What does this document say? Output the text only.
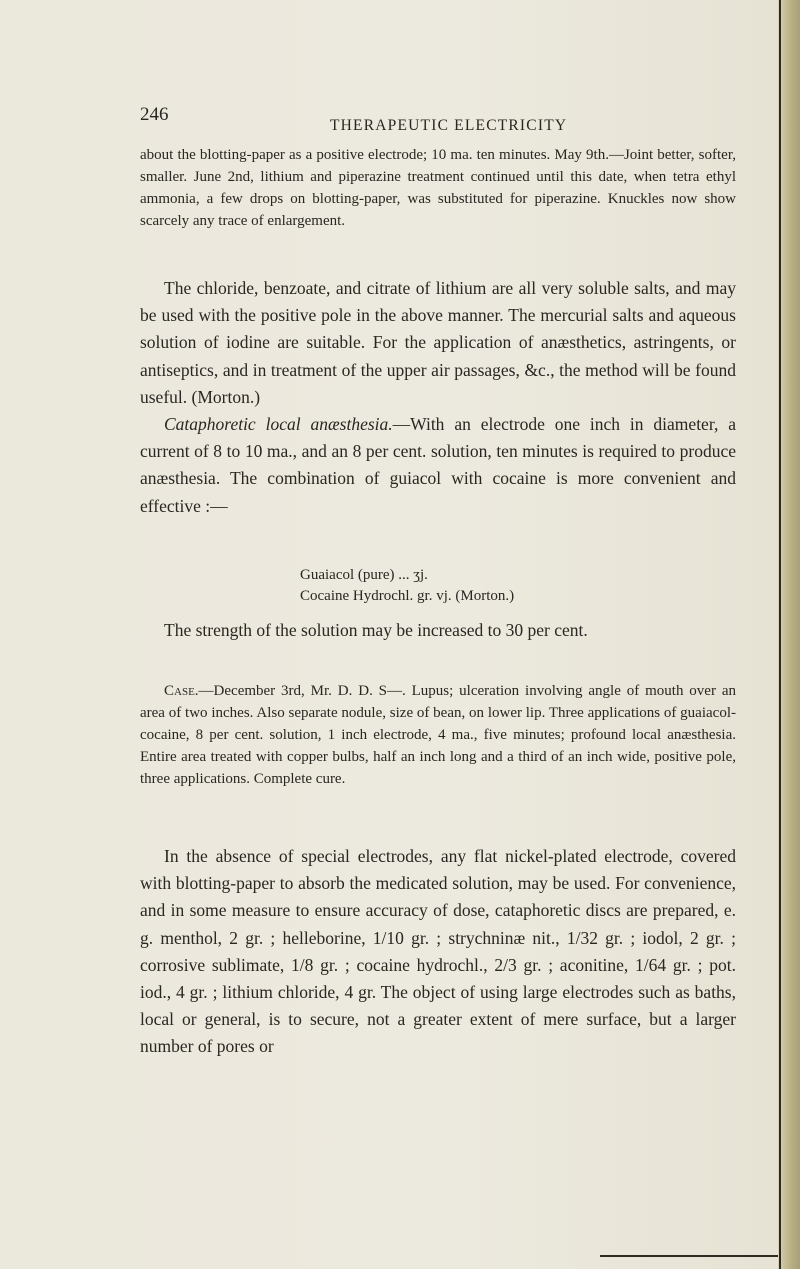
246
THERAPEUTIC ELECTRICITY

about the blotting-paper as a positive electrode; 10 ma. ten minutes. May 9th.—Joint better, softer, smaller. June 2nd, lithium and piperazine treatment continued until this date, when tetra ethyl ammonia, a few drops on blotting-paper, was substituted for piperazine. Knuckles now show scarcely any trace of enlargement.

The chloride, benzoate, and citrate of lithium are all very soluble salts, and may be used with the positive pole in the above manner. The mercurial salts and aqueous solution of iodine are suitable. For the application of anæsthetics, astringents, or antiseptics, and in treatment of the upper air passages, &c., the method will be found useful. (Morton.)

Cataphoretic local anæsthesia.—With an electrode one inch in diameter, a current of 8 to 10 ma., and an 8 per cent. solution, ten minutes is required to produce anæsthesia. The combination of guiacol with cocaine is more convenient and effective :—

Guaiacol (pure) ... ʒj.
Cocaine Hydrochl. gr. vj. (Morton.)

The strength of the solution may be increased to 30 per cent.

Case.—December 3rd, Mr. D. D. S—. Lupus; ulceration involving angle of mouth over an area of two inches. Also separate nodule, size of bean, on lower lip. Three applications of guaiacol-cocaine, 8 per cent. solution, 1 inch electrode, 4 ma., five minutes; profound local anæsthesia. Entire area treated with copper bulbs, half an inch long and a third of an inch wide, positive pole, three applications. Complete cure.

In the absence of special electrodes, any flat nickel-plated electrode, covered with blotting-paper to absorb the medicated solution, may be used. For convenience, and in some measure to ensure accuracy of dose, cataphoretic discs are prepared, e. g. menthol, 2 gr. ; helleborine, 1/10 gr. ; strychninæ nit., 1/32 gr. ; iodol, 2 gr. ; corrosive sublimate, 1/8 gr. ; cocaine hydrochl., 2/3 gr. ; aconitine, 1/64 gr. ; pot. iod., 4 gr. ; lithium chloride, 4 gr. The object of using large electrodes such as baths, local or general, is to secure, not a greater extent of mere surface, but a larger number of pores or
